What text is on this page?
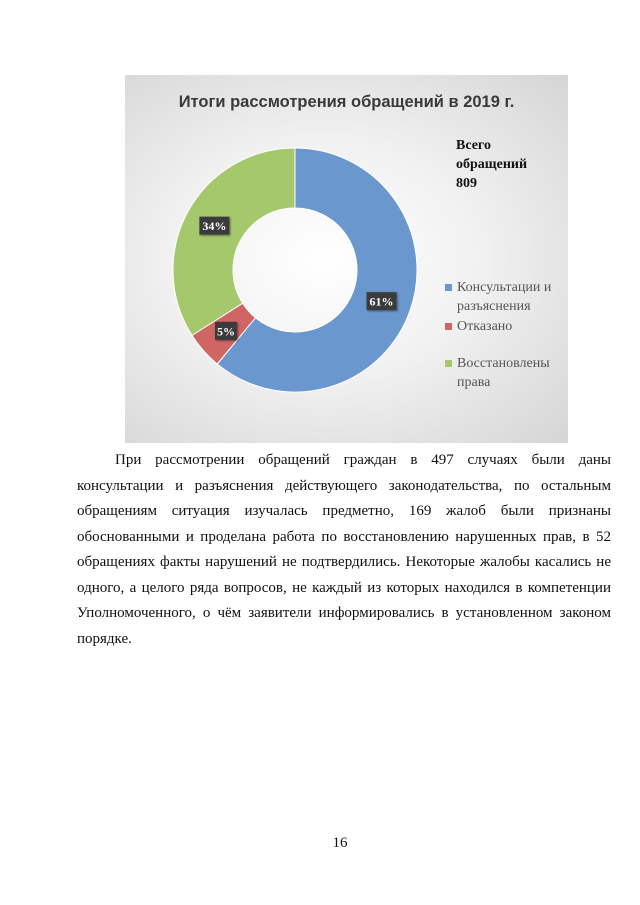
Итоги рассмотрения обращений в 2019 г.
Всего
обращений
809
61%
5%
34%
Консультации и разъяснения
Отказано
Восстановлены права

При рассмотрении обращений граждан в 497 случаях были даны консультации и разъяснения действующего законодательства, по остальным обращениям ситуация изучалась предметно, 169 жалоб были признаны обоснованными и проделана работа по восстановлению нарушенных прав, в 52 обращениях факты нарушений не подтвердились. Некоторые жалобы касались не одного, а целого ряда вопросов, не каждый из которых находился в компетенции Уполномоченного, о чём заявители информировались в установленном законом порядке.

16
